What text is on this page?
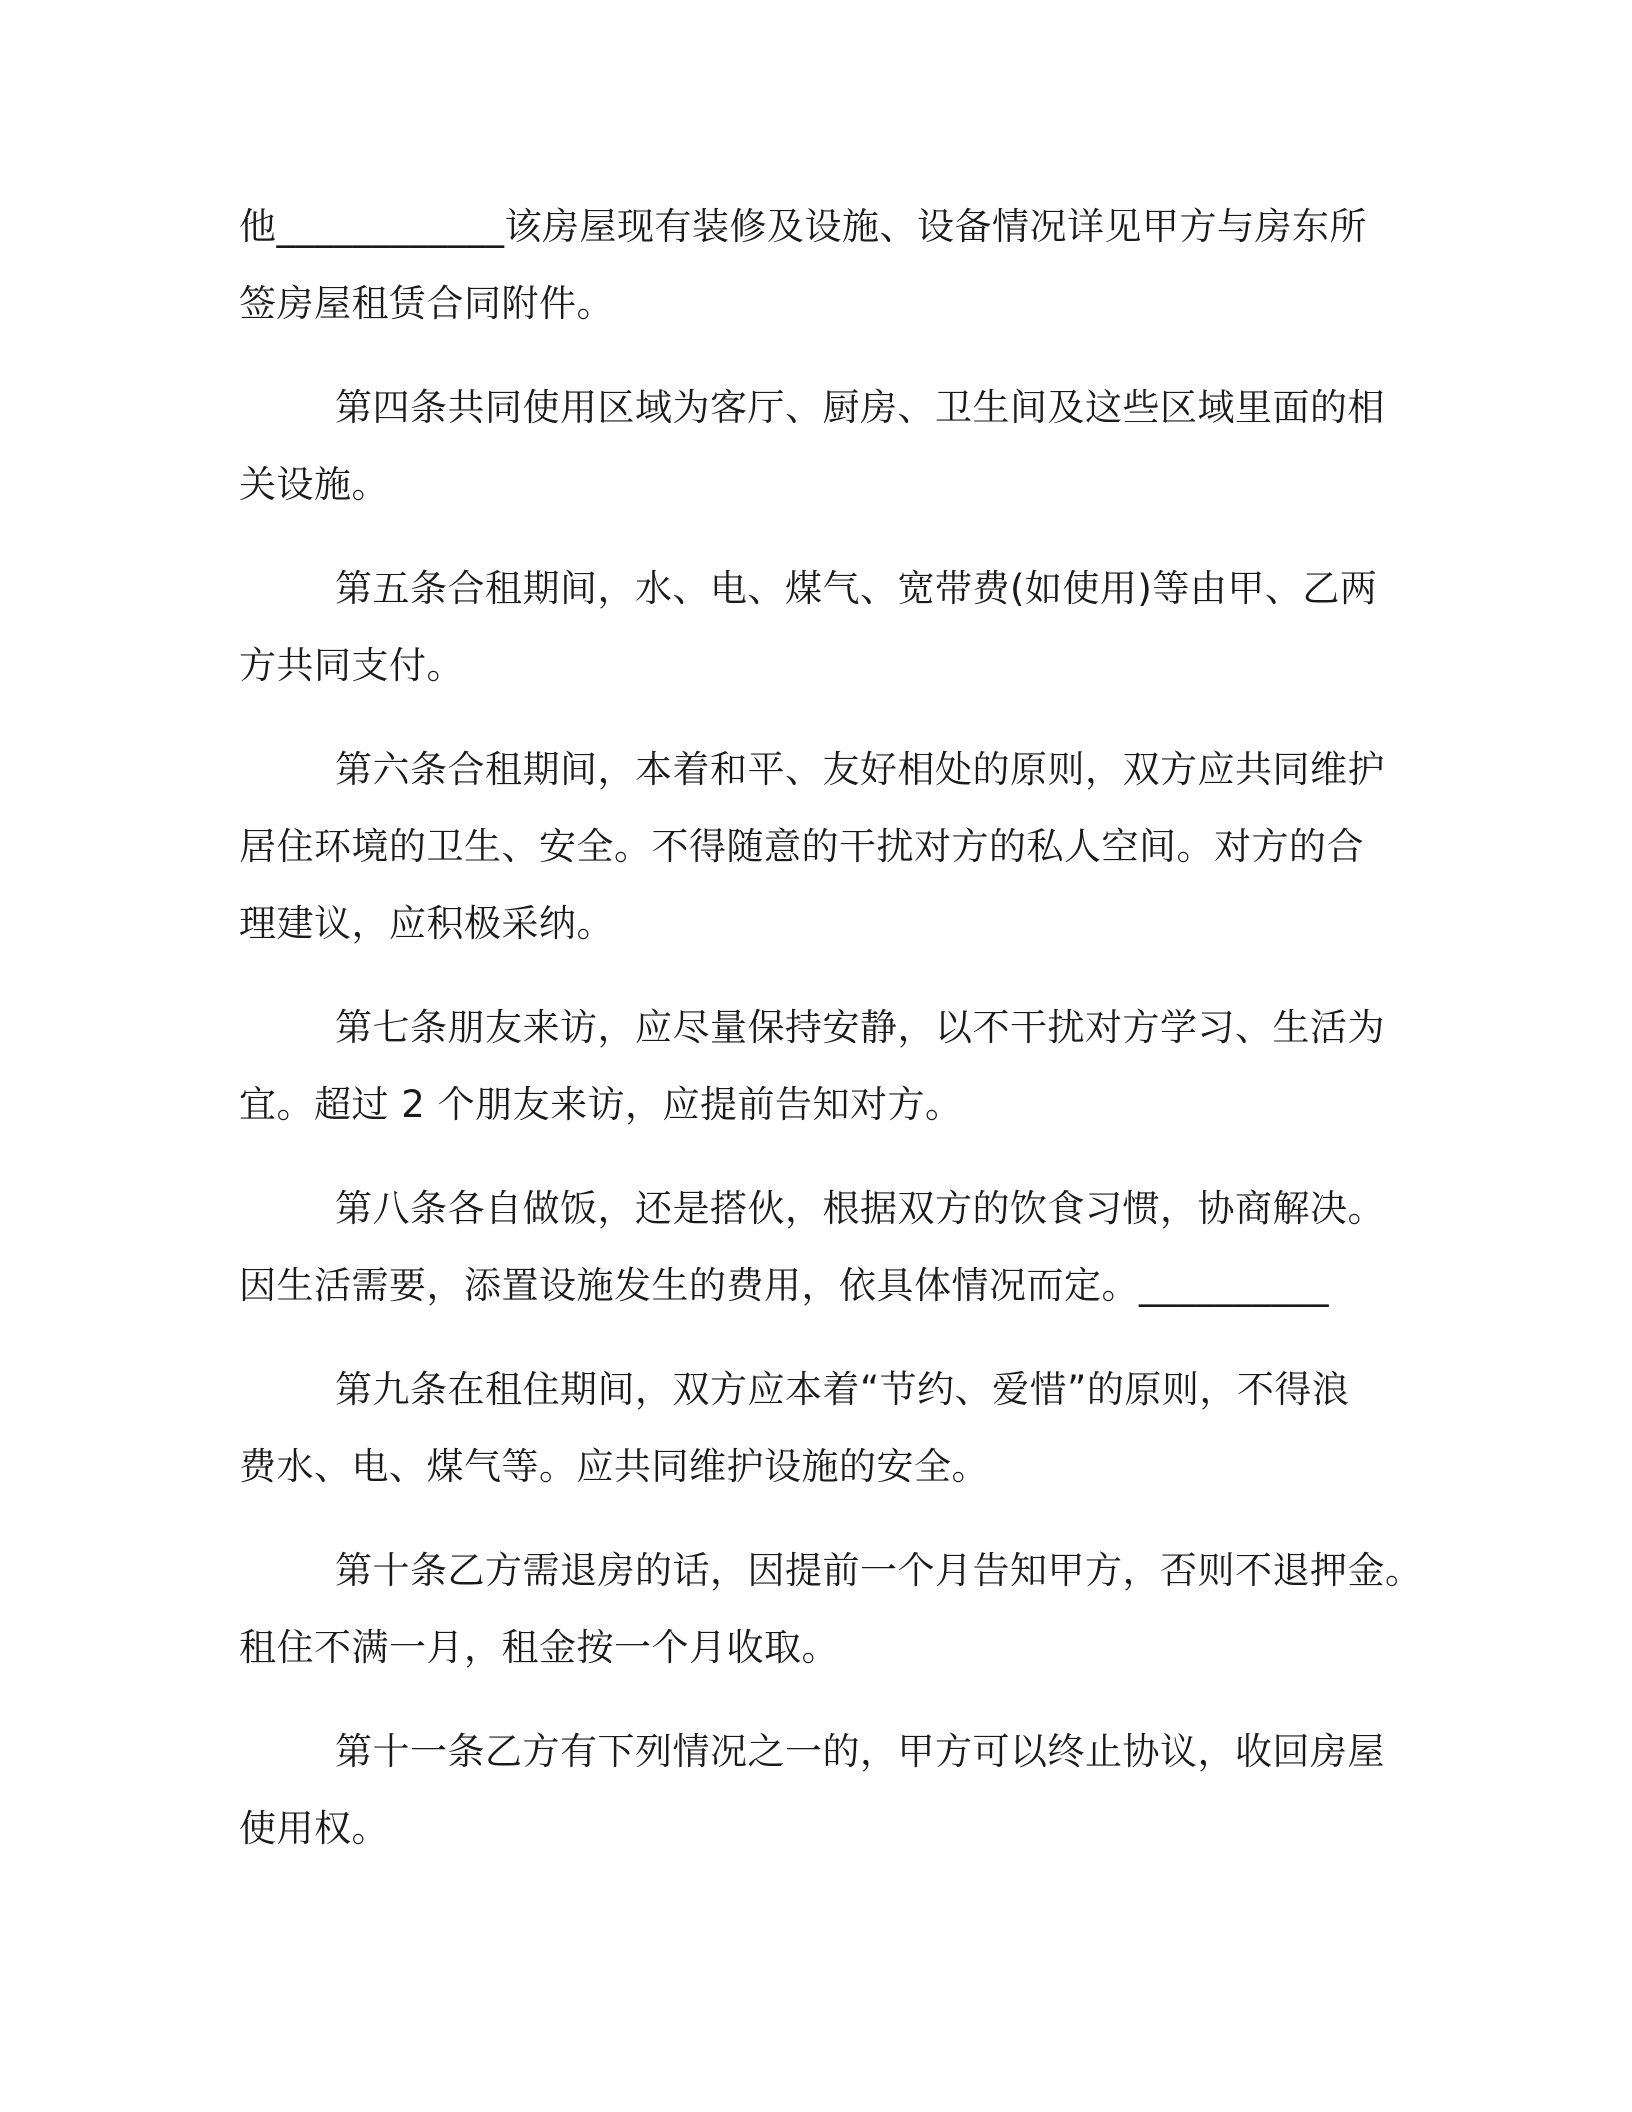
他____________该房屋现有装修及设施、设备情况详见甲方与房东所
签房屋租赁合同附件。

第四条共同使用区域为客厅、厨房、卫生间及这些区域里面的相
关设施。

第五条合租期间，水、电、煤气、宽带费(如使用)等由甲、乙两
方共同支付。

第六条合租期间，本着和平、友好相处的原则，双方应共同维护
居住环境的卫生、安全。不得随意的干扰对方的私人空间。对方的合
理建议，应积极采纳。

第七条朋友来访，应尽量保持安静，以不干扰对方学习、生活为
宜。超过 2 个朋友来访，应提前告知对方。

第八条各自做饭，还是搭伙，根据双方的饮食习惯，协商解决。
因生活需要，添置设施发生的费用，依具体情况而定。__________

第九条在租住期间，双方应本着“节约、爱惜”的原则，不得浪
费水、电、煤气等。应共同维护设施的安全。

第十条乙方需退房的话，因提前一个月告知甲方，否则不退押金。
租住不满一月，租金按一个月收取。

第十一条乙方有下列情况之一的，甲方可以终止协议，收回房屋
使用权。
